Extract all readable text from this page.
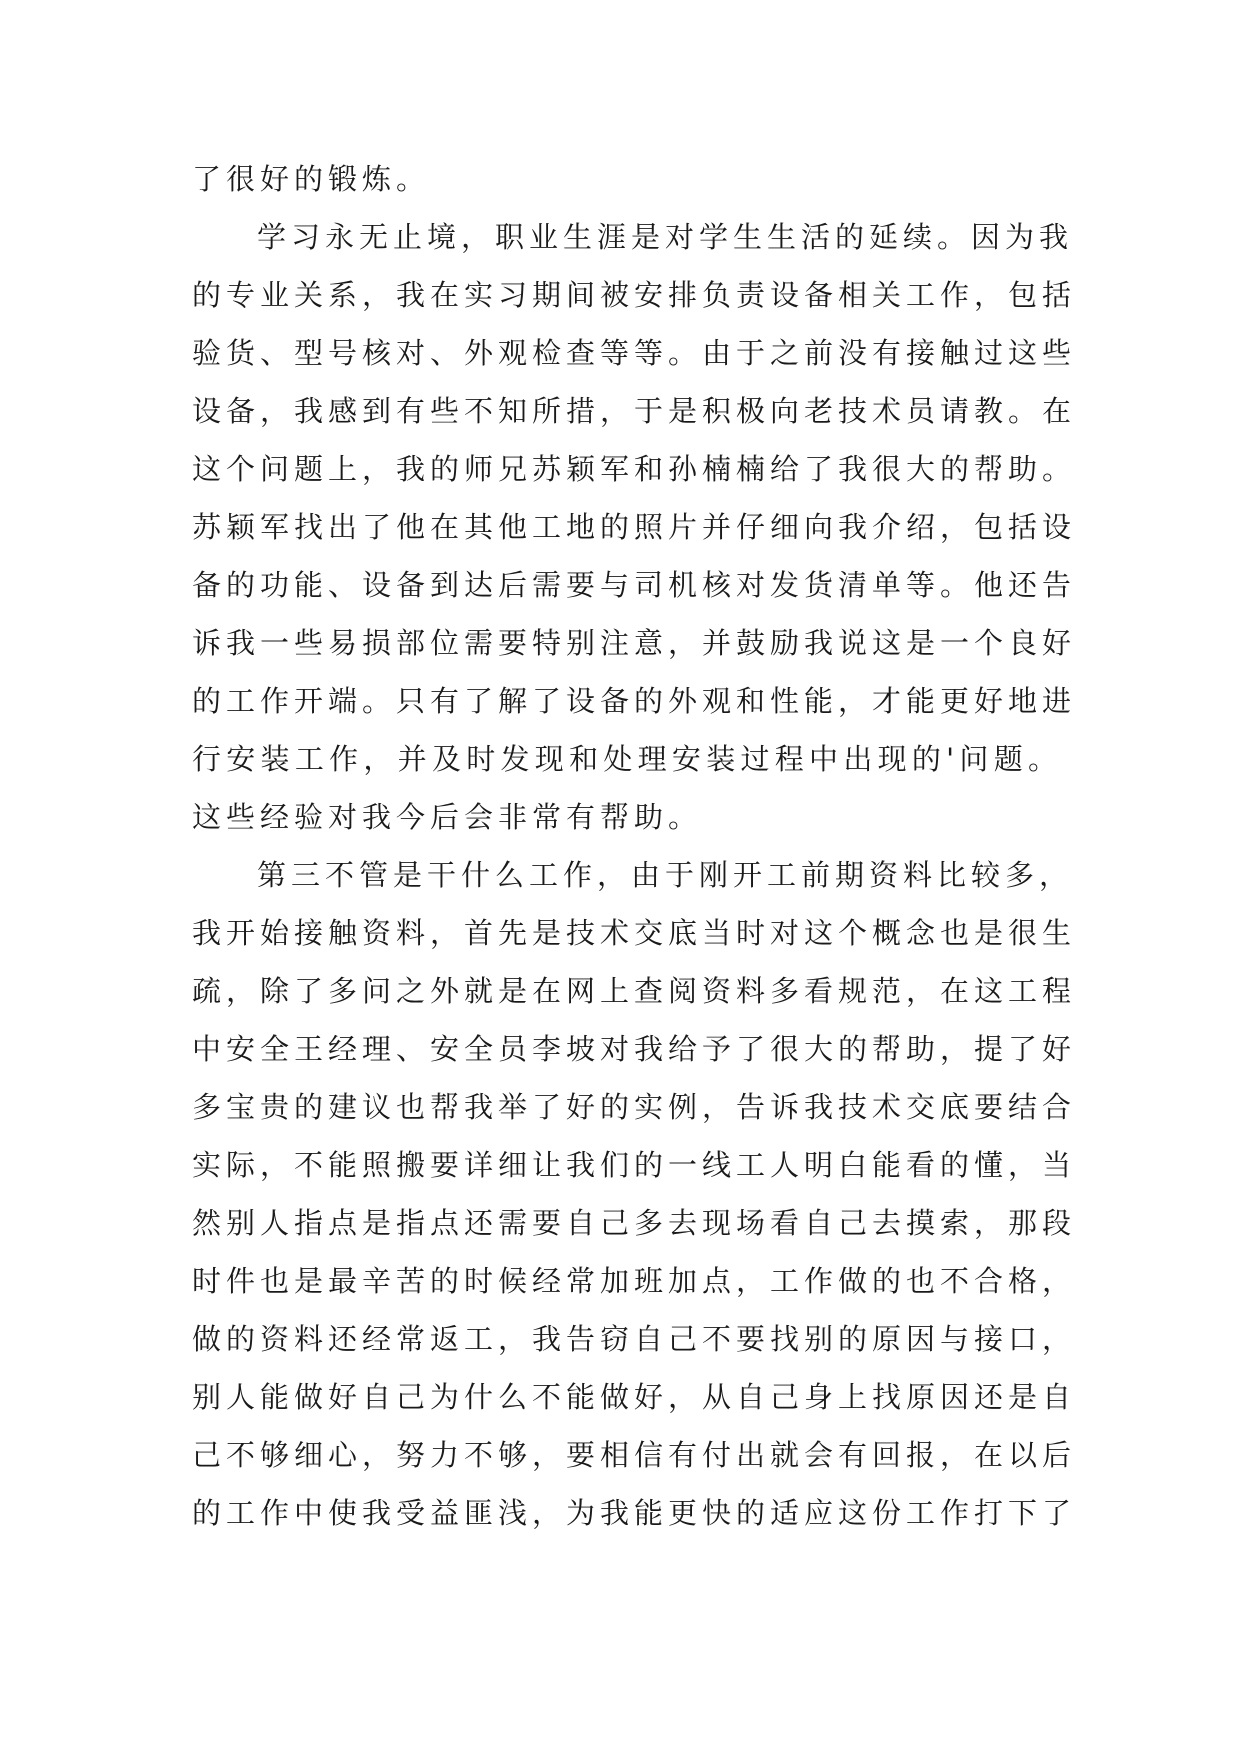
了很好的锻炼。
学习永无止境，职业生涯是对学生生活的延续。因为我
的专业关系，我在实习期间被安排负责设备相关工作，包括
验货、型号核对、外观检查等等。由于之前没有接触过这些
设备，我感到有些不知所措，于是积极向老技术员请教。在
这个问题上，我的师兄苏颖军和孙楠楠给了我很大的帮助。
苏颖军找出了他在其他工地的照片并仔细向我介绍，包括设
备的功能、设备到达后需要与司机核对发货清单等。他还告
诉我一些易损部位需要特别注意，并鼓励我说这是一个良好
的工作开端。只有了解了设备的外观和性能，才能更好地进
行安装工作，并及时发现和处理安装过程中出现的'问题。
这些经验对我今后会非常有帮助。
第三不管是干什么工作，由于刚开工前期资料比较多，
我开始接触资料，首先是技术交底当时对这个概念也是很生
疏，除了多问之外就是在网上查阅资料多看规范，在这工程
中安全王经理、安全员李坡对我给予了很大的帮助，提了好
多宝贵的建议也帮我举了好的实例，告诉我技术交底要结合
实际，不能照搬要详细让我们的一线工人明白能看的懂，当
然别人指点是指点还需要自己多去现场看自己去摸索，那段
时件也是最辛苦的时候经常加班加点，工作做的也不合格，
做的资料还经常返工，我告窃自己不要找别的原因与接口，
别人能做好自己为什么不能做好，从自己身上找原因还是自
己不够细心，努力不够，要相信有付出就会有回报，在以后
的工作中使我受益匪浅，为我能更快的适应这份工作打下了
